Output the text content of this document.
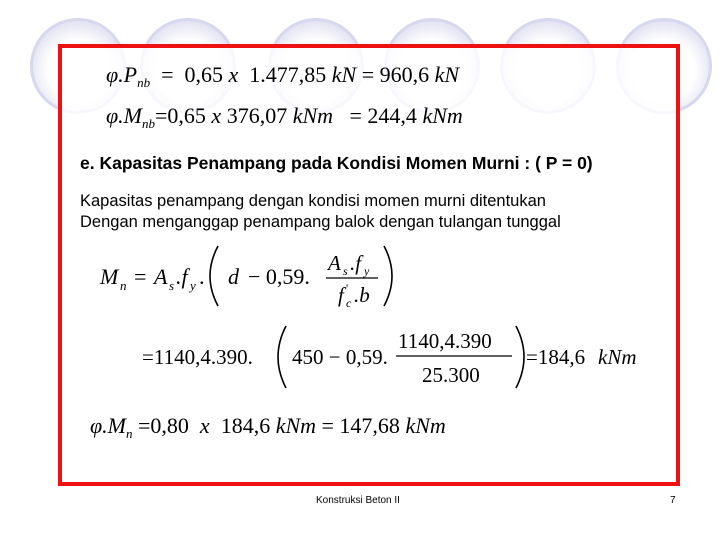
$\varphi.P_{nb} = 0,65$ x  1.477,85 kN = 960,6 kN
$\varphi.M_{nb}=0,65$ x 376,07 kNm   = 244,4 kNm
e. Kapasitas Penampang pada Kondisi Momen Murni : ( P = 0)
Kapasitas penampang dengan kondisi momen murni ditentukan
Dengan menganggap penampang balok dengan tulangan tunggal
M n = A s .f y . d − 0,59.
A s .f y
f '
c .b
=1140,4.390. 450 − 0,59.
1140,4.390
25.300
=184,6 kNm
$\varphi.M_n =0,80$  x  184,6 kNm = 147,68 kNm
Konstruksi Beton II	7
